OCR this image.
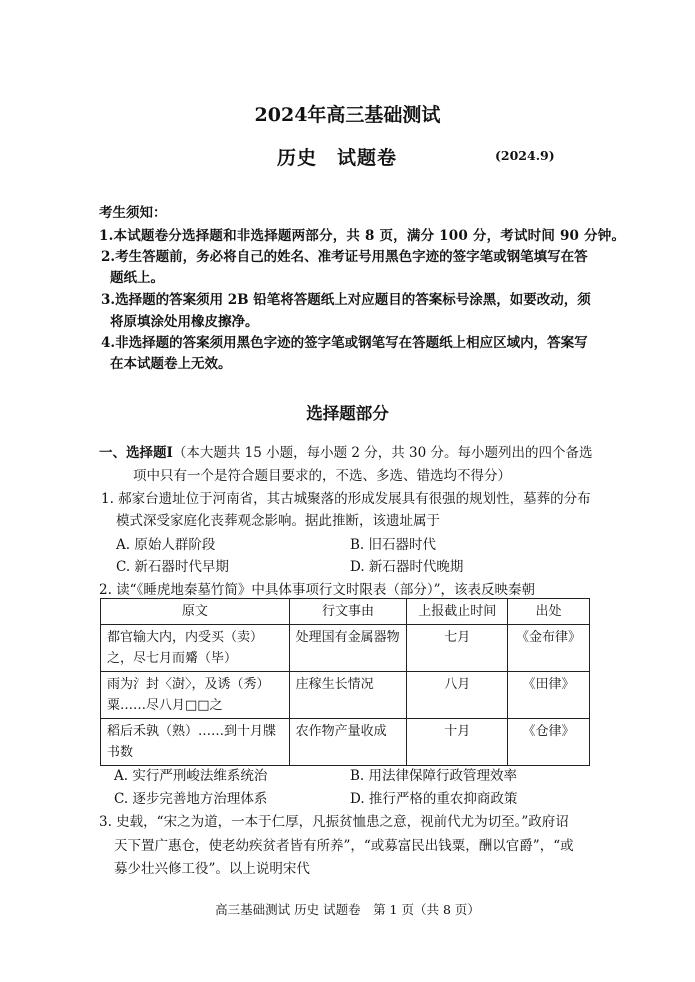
2024年高三基础测试
历史　试题卷	(2024.9)
考生须知：
1.本试题卷分选择题和非选择题两部分，共 8 页，满分 100 分，考试时间 90 分钟。
2.考生答题前，务必将自己的姓名、准考证号用黑色字迹的签字笔或钢笔填写在答
题纸上。
3.选择题的答案须用 2B 铅笔将答题纸上对应题目的答案标号涂黑，如要改动，须
将原填涂处用橡皮擦净。
4.非选择题的答案须用黑色字迹的签字笔或钢笔写在答题纸上相应区域内，答案写
在本试题卷上无效。
选择题部分
一、选择题Ⅰ（本大题共 15 小题，每小题 2 分，共 30 分。每小题列出的四个备选
项中只有一个是符合题目要求的，不选、多选、错选均不得分）
1. 郝家台遗址位于河南省，其古城聚落的形成发展具有很强的规划性，墓葬的分布
模式深受家庭化丧葬观念影响。据此推断，该遗址属于
A. 原始人群阶段	B. 旧石器时代
C. 新石器时代早期	D. 新石器时代晚期
2. 读“《睡虎地秦墓竹简》中具体事项行文时限表（部分）”，该表反映秦朝
原文	行文事由	上报截止时间	出处
都官输大内，内受买（卖）之，尽七月而觱（毕）	处理国有金属器物	七月	《金布律》
雨为氵封〈澍〉，及诱（秀）粟……尽八月□□之	庄稼生长情况	八月	《田律》
稻后禾孰（熟）……到十月牒书数	农作物产量收成	十月	《仓律》
A. 实行严刑峻法维系统治	B. 用法律保障行政管理效率
C. 逐步完善地方治理体系	D. 推行严格的重农抑商政策
3. 史载，“宋之为道，一本于仁厚，凡振贫恤患之意，视前代尤为切至。”政府诏
天下置广惠仓，使老幼疾贫者皆有所养”，“或募富民出钱粟，酬以官爵”，“或
募少壮兴修工役”。以上说明宋代
高三基础测试 历史 试题卷　第 1 页（共 8 页）
